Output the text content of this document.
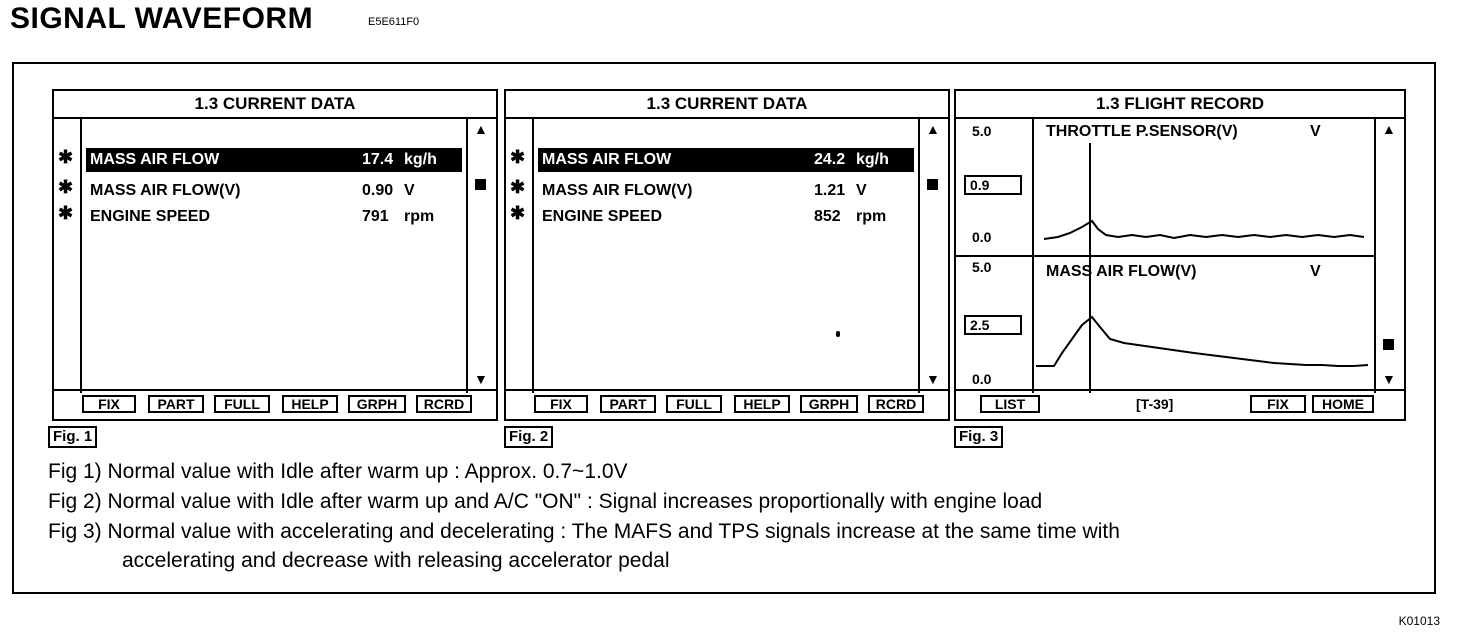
SIGNAL WAVEFORM	E5E611F0
1.3 CURRENT DATA
✱
✱
✱
MASS AIR FLOW	17.4 kg/h
MASS AIR FLOW(V)	0.90 V
ENGINE SPEED	791 rpm
▲
▼
FIX	PART	FULL	HELP	GRPH	RCRD
Fig. 1
1.3 CURRENT DATA
✱
✱
✱
MASS AIR FLOW	24.2 kg/h
MASS AIR FLOW(V)	1.21 V
ENGINE SPEED	852 rpm
▲
▼
FIX	PART	FULL	HELP	GRPH	RCRD
Fig. 2
1.3 FLIGHT RECORD
▲
▼
5.0
0.9
0.0
THROTTLE P.SENSOR(V)	V
5.0
2.5
0.0
MASS AIR FLOW(V)	V
LIST	[T-39]	FIX	HOME
Fig. 3
Fig 1) Normal value with Idle after warm up : Approx. 0.7~1.0V
Fig 2) Normal value with Idle after warm up and A/C "ON" : Signal increases proportionally with engine load
Fig 3) Normal value with accelerating and decelerating : The MAFS and TPS signals increase at the same time with
accelerating and decrease with releasing accelerator pedal
K01013
